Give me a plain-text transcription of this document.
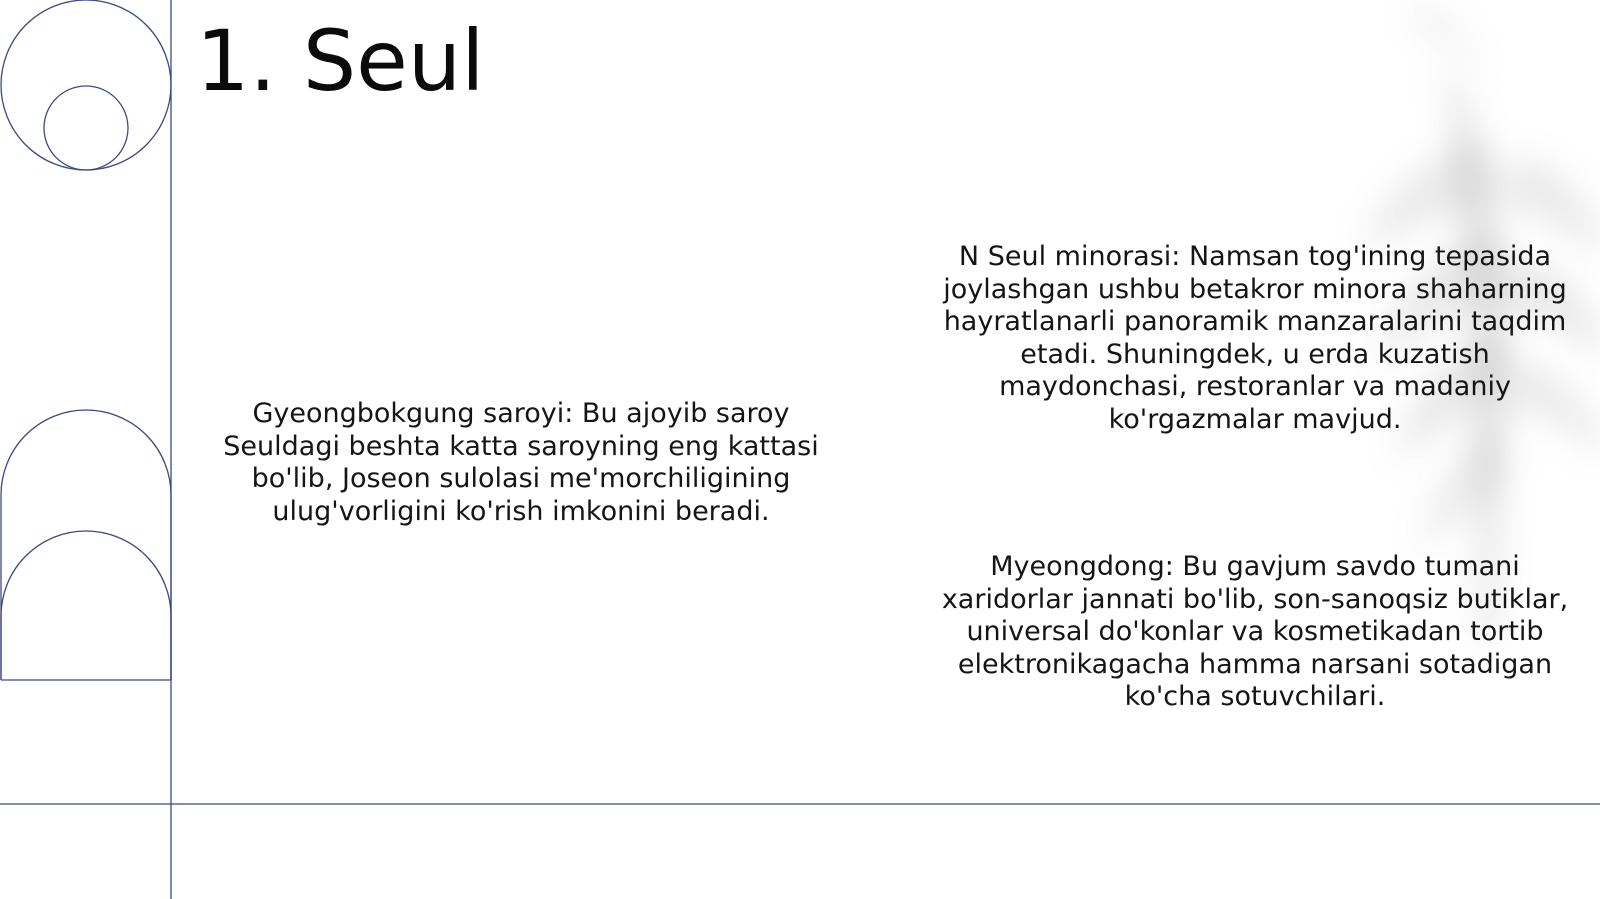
1. Seul

Gyeongbokgung saroyi: Bu ajoyib saroy Seuldagi beshta katta saroyning eng kattasi bo'lib, Joseon sulolasi me'morchiligining ulug'vorligini ko'rish imkonini beradi.

N Seul minorasi: Namsan tog'ining tepasida joylashgan ushbu betakror minora shaharning hayratlanarli panoramik manzaralarini taqdim etadi. Shuningdek, u erda kuzatish maydonchasi, restoranlar va madaniy ko'rgazmalar mavjud.

Myeongdong: Bu gavjum savdo tumani xaridorlar jannati bo'lib, son-sanoqsiz butiklar, universal do'konlar va kosmetikadan tortib elektronikagacha hamma narsani sotadigan ko'cha sotuvchilari.
